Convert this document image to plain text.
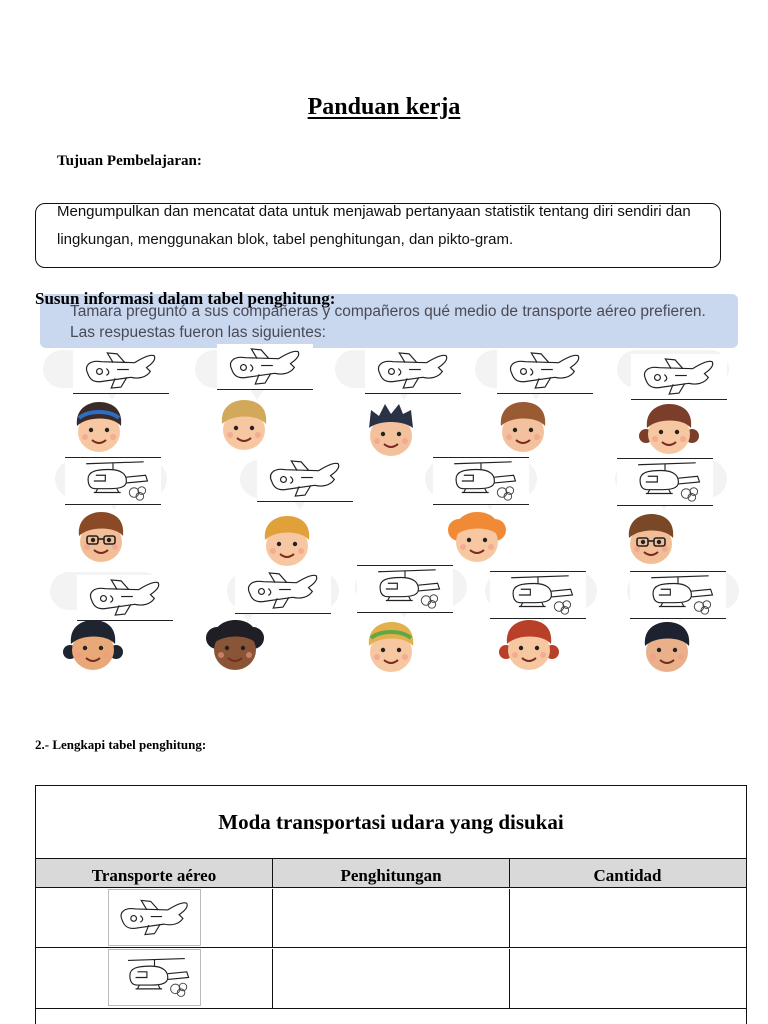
Panduan kerja
Tujuan Pembelajaran:
Mengumpulkan dan mencatat data untuk menjawab pertanyaan statistik tentang diri sendiri dan lingkungan, menggunakan blok, tabel penghitungan, dan pikto-gram.
Susun informasi dalam tabel penghitung:
Tamara preguntó a sus compañeras y compañeros qué medio de transporte aéreo prefieren. Las respuestas fueron las siguientes:
2.- Lengkapi tabel penghitung:
Moda transportasi udara yang disukai
Transporte aéreo	Penghitungan	Cantidad
